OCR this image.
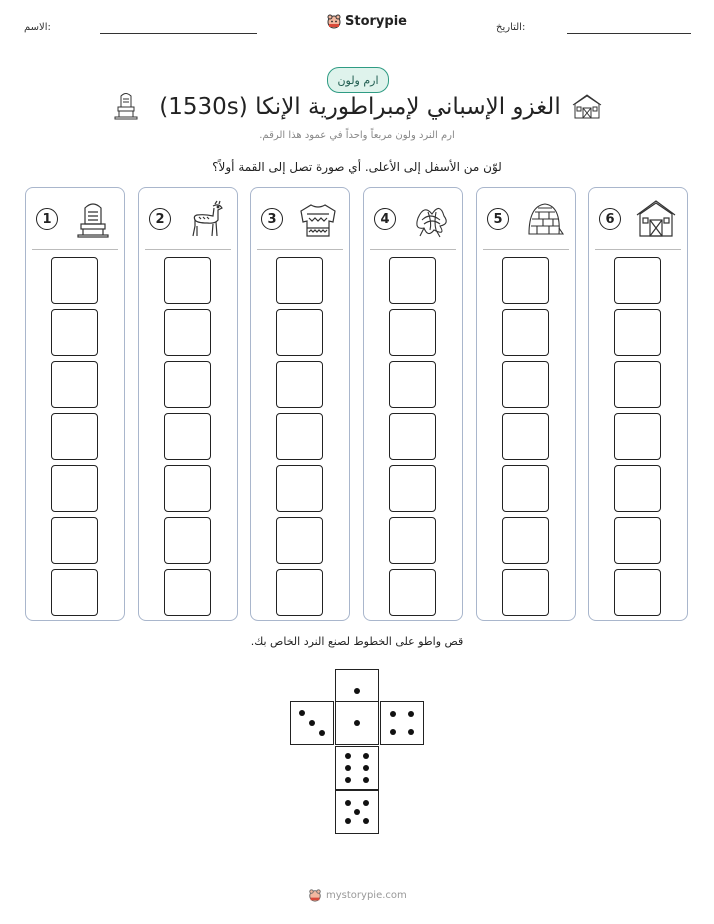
الاسم:	Storypie	التاريخ:
ارم ولون
الغزو الإسباني لإمبراطورية الإنكا (1530s)
ارم النرد ولون مربعاً واحداً في عمود هذا الرقم.
لوّن من الأسفل إلى الأعلى. أي صورة تصل إلى القمة أولاً؟
1	2	3	4	5	6
قص واطو على الخطوط لصنع النرد الخاص بك.
mystorypie.com
